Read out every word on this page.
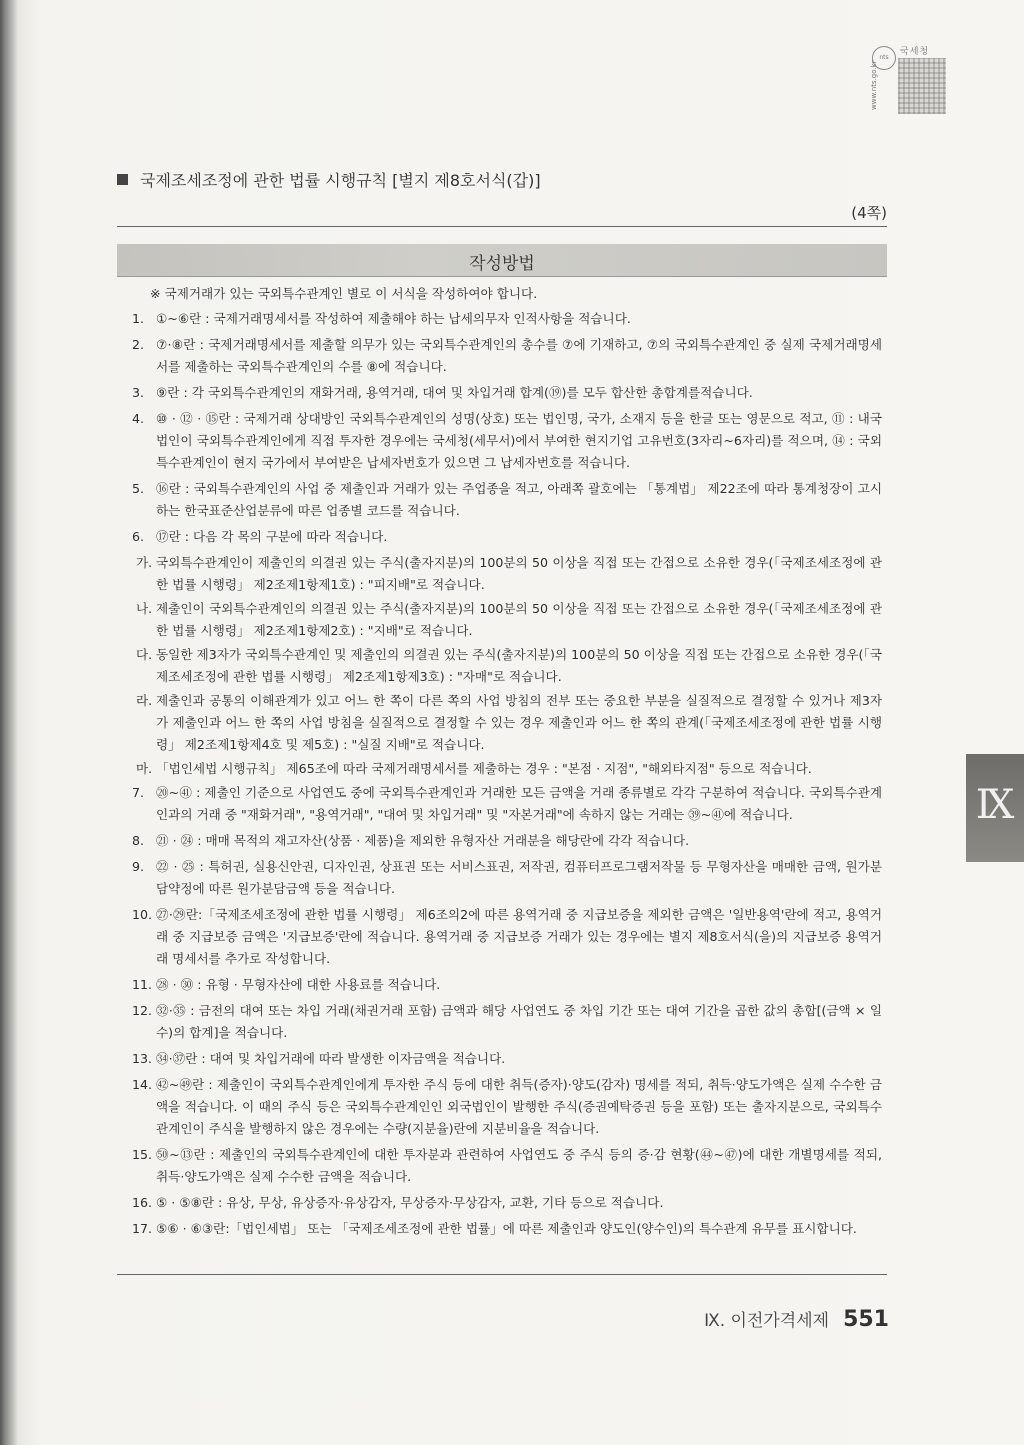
nts
국세청
www.nts.go.kr
국제조세조정에 관한 법률 시행규칙 [별지 제8호서식(갑)]
(4쪽)
작성방법
※ 국제거래가 있는 국외특수관계인 별로 이 서식을 작성하여야 합니다.
1. ①~⑥란 : 국제거래명세서를 작성하여 제출해야 하는 납세의무자 인적사항을 적습니다.
2. ⑦·⑧란 : 국제거래명세서를 제출할 의무가 있는 국외특수관계인의 총수를 ⑦에 기재하고, ⑦의 국외특수관계인 중 실제 국제거래명세서를 제출하는 국외특수관계인의 수를 ⑧에 적습니다.
3. ⑨란 : 각 국외특수관계인의 재화거래, 용역거래, 대여 및 차입거래 합계(⑲)를 모두 합산한 총합계를적습니다.
4. ⑩ · ⑫ · ⑮란 : 국제거래 상대방인 국외특수관계인의 성명(상호) 또는 법인명, 국가, 소재지 등을 한글 또는 영문으로 적고, ⑪ : 내국법인이 국외특수관계인에게 직접 투자한 경우에는 국세청(세무서)에서 부여한 현지기업 고유번호(3자리~6자리)를 적으며, ⑭ : 국외특수관계인이 현지 국가에서 부여받은 납세자번호가 있으면 그 납세자번호를 적습니다.
5. ⑯란 : 국외특수관계인의 사업 중 제출인과 거래가 있는 주업종을 적고, 아래쪽 괄호에는 「통계법」 제22조에 따라 통계청장이 고시하는 한국표준산업분류에 따른 업종별 코드를 적습니다.
6. ⑰란 : 다음 각 목의 구분에 따라 적습니다.
가. 국외특수관계인이 제출인의 의결권 있는 주식(출자지분)의 100분의 50 이상을 직접 또는 간접으로 소유한 경우(「국제조세조정에 관한 법률 시행령」 제2조제1항제1호) : "피지배"로 적습니다.
나. 제출인이 국외특수관계인의 의결권 있는 주식(출자지분)의 100분의 50 이상을 직접 또는 간접으로 소유한 경우(「국제조세조정에 관한 법률 시행령」 제2조제1항제2호) : "지배"로 적습니다.
다. 동일한 제3자가 국외특수관계인 및 제출인의 의결권 있는 주식(출자지분)의 100분의 50 이상을 직접 또는 간접으로 소유한 경우(「국제조세조정에 관한 법률 시행령」 제2조제1항제3호) : "자매"로 적습니다.
라. 제출인과 공통의 이해관계가 있고 어느 한 쪽이 다른 쪽의 사업 방침의 전부 또는 중요한 부분을 실질적으로 결정할 수 있거나 제3자가 제출인과 어느 한 쪽의 사업 방침을 실질적으로 결정할 수 있는 경우 제출인과 어느 한 쪽의 관계(「국제조세조정에 관한 법률 시행령」 제2조제1항제4호 및 제5호) : "실질 지배"로 적습니다.
마. 「법인세법 시행규칙」 제65조에 따라 국제거래명세서를 제출하는 경우 : "본점 · 지점", "해외타지점" 등으로 적습니다.
7. ⑳~㊶ : 제출인 기준으로 사업연도 중에 국외특수관계인과 거래한 모든 금액을 거래 종류별로 각각 구분하여 적습니다. 국외특수관계인과의 거래 중 "재화거래", "용역거래", "대여 및 차입거래" 및 "자본거래"에 속하지 않는 거래는 ㊴~㊶에 적습니다.
8. ㉑ · ㉔ : 매매 목적의 재고자산(상품 · 제품)을 제외한 유형자산 거래분을 해당란에 각각 적습니다.
9. ㉒ · ㉕ : 특허권, 실용신안권, 디자인권, 상표권 또는 서비스표권, 저작권, 컴퓨터프로그램저작물 등 무형자산을 매매한 금액, 원가분담약정에 따른 원가분담금액 등을 적습니다.
10. ㉗·㉙란:「국제조세조정에 관한 법률 시행령」 제6조의2에 따른 용역거래 중 지급보증을 제외한 금액은 '일반용역'란에 적고, 용역거래 중 지급보증 금액은 '지급보증'란에 적습니다. 용역거래 중 지급보증 거래가 있는 경우에는 별지 제8호서식(을)의 지급보증 용역거래 명세서를 추가로 작성합니다.
11. ㉘ · ㉚ : 유형 · 무형자산에 대한 사용료를 적습니다.
12. ㉜·㉟ : 금전의 대여 또는 차입 거래(채권거래 포함) 금액과 해당 사업연도 중 차입 기간 또는 대여 기간을 곱한 값의 총합[(금액 × 일수)의 합계]을 적습니다.
13. ㉞·㊲란 : 대여 및 차입거래에 따라 발생한 이자금액을 적습니다.
14. ㊷~㊾란 : 제출인이 국외특수관계인에게 투자한 주식 등에 대한 취득(증자)·양도(감자) 명세를 적되, 취득·양도가액은 실제 수수한 금액을 적습니다. 이 때의 주식 등은 국외특수관계인인 외국법인이 발행한 주식(증권예탁증권 등을 포함) 또는 출자지분으로, 국외특수관계인이 주식을 발행하지 않은 경우에는 수량(지분율)란에 지분비율을 적습니다.
15. ㊿~⑬란 : 제출인의 국외특수관계인에 대한 투자분과 관련하여 사업연도 중 주식 등의 증·감 현황(㊹~㊼)에 대한 개별명세를 적되, 취득·양도가액은 실제 수수한 금액을 적습니다.
16. ⑤ · ⑤⑧란 : 유상, 무상, 유상증자·유상감자, 무상증자·무상감자, 교환, 기타 등으로 적습니다.
17. ⑤⑥ · ⑥③란:「법인세법」 또는 「국제조세조정에 관한 법률」에 따른 제출인과 양도인(양수인)의 특수관계 유무를 표시합니다.
Ⅸ
Ⅸ. 이전가격세제 551
